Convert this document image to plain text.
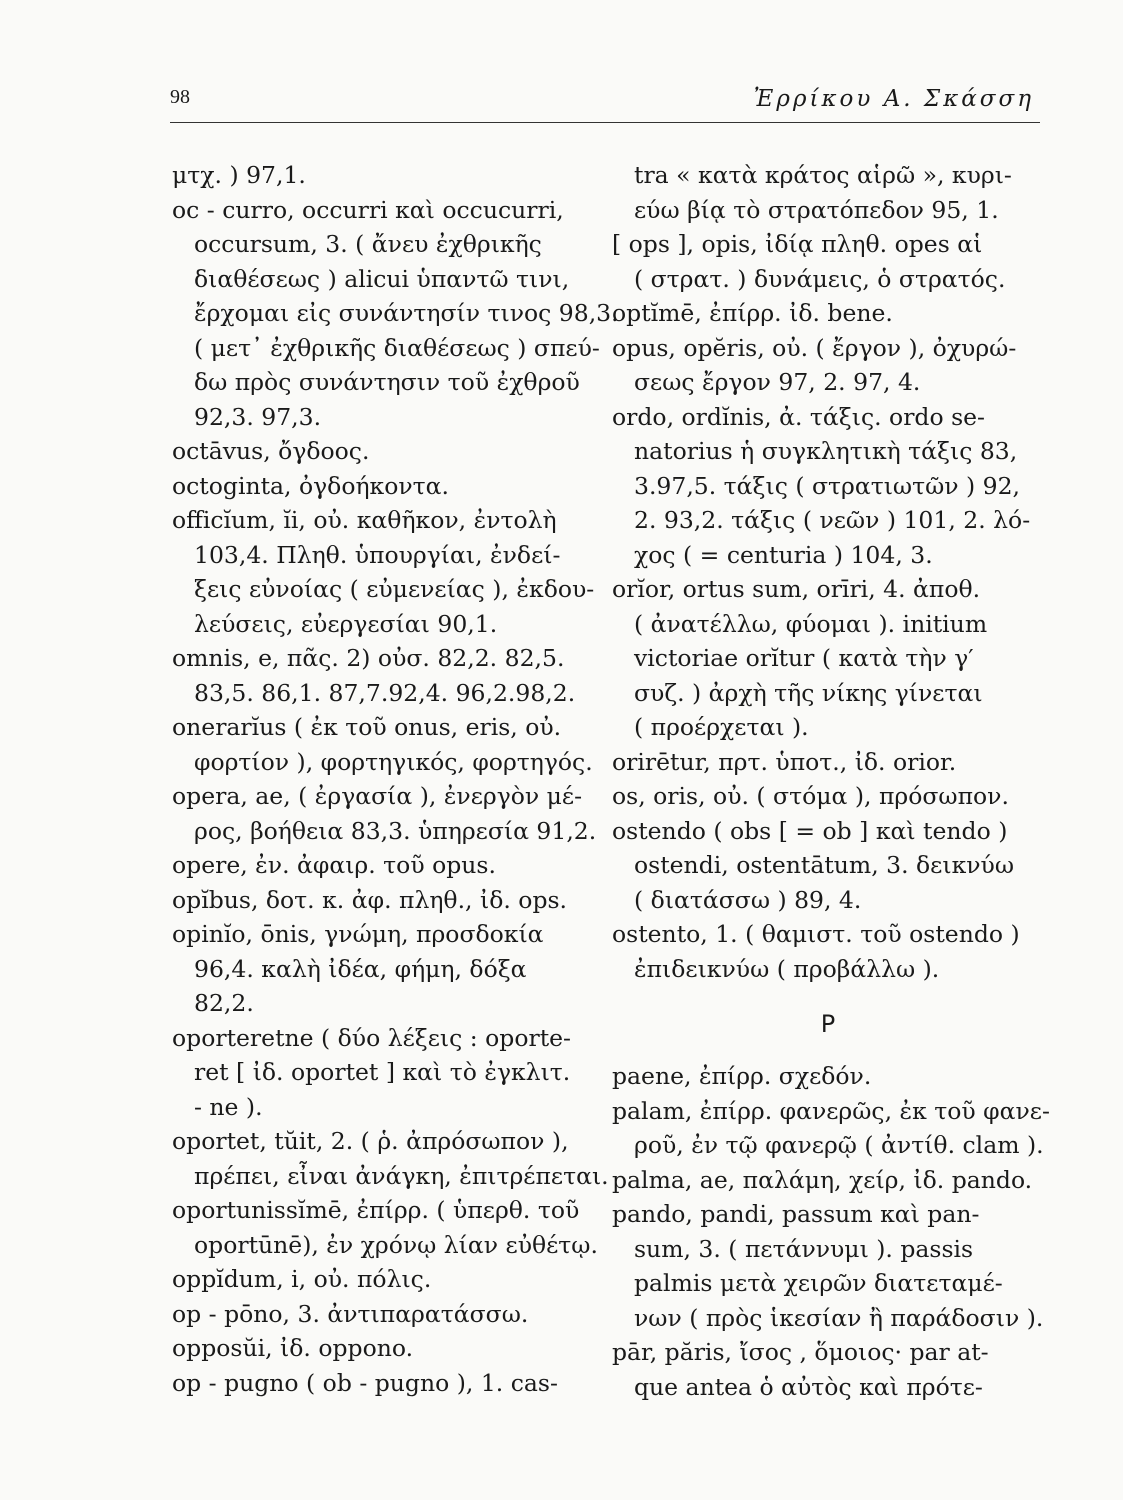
98	Ἐρρίκου Α. Σκάσση
μτχ. ) 97,1.
oc - curro, occurri καὶ occucurri,
occursum, 3. ( ἄνευ ἐχθρικῆς
διαθέσεως ) alicui ὑπαντῶ τινι,
ἔρχομαι εἰς συνάντησίν τινος 98,3.
( μετ᾿ ἐχθρικῆς διαθέσεως ) σπεύ-
δω πρὸς συνάντησιν τοῦ ἐχθροῦ
92,3. 97,3.
octāvus, ὄγδοος.
octoginta, ὀγδοήκοντα.
officĭum, ĭi, οὐ. καθῆκον, ἐντολὴ
103,4. Πληθ. ὑπουργίαι, ἐνδεί-
ξεις εὐνοίας ( εὐμενείας ), ἐκδου-
λεύσεις, εὐεργεσίαι 90,1.
omnis, e, πᾶς. 2) οὐσ. 82,2. 82,5.
83,5. 86,1. 87,7.92,4. 96,2.98,2.
onerarĭus ( ἐκ τοῦ onus, eris, οὐ.
φορτίον ), φορτηγικός, φορτηγός.
opera, ae, ( ἐργασία ), ἐνεργὸν μέ-
ρος, βοήθεια 83,3. ὑπηρεσία 91,2.
opere, ἐν. ἀφαιρ. τοῦ opus.
opĭbus, δοτ. κ. ἀφ. πληθ., ἰδ. ops.
opinĭo, ōnis, γνώμη, προσδοκία
96,4. καλὴ ἰδέα, φήμη, δόξα
82,2.
oporteretne ( δύο λέξεις : oporte-
ret [ ἰδ. oportet ] καὶ τὸ ἐγκλιτ.
- ne ).
oportet, tŭit, 2. ( ῥ. ἀπρόσωπον ),
πρέπει, εἶναι ἀνάγκη, ἐπιτρέπεται.
oportunissĭmē, ἐπίρρ. ( ὑπερθ. τοῦ
oportūnē), ἐν χρόνῳ λίαν εὐθέτῳ.
oppĭdum, i, οὐ. πόλις.
op - pōno, 3. ἀντιπαρατάσσω.
opposŭi, ἰδ. oppono.
op - pugno ( ob - pugno ), 1. cas-
tra « κατὰ κράτος αἱρῶ », κυρι-
εύω βίᾳ τὸ στρατόπεδον 95, 1.
[ ops ], opis, ἰδίᾳ πληθ. opes αἱ
( στρατ. ) δυνάμεις, ὁ στρατός.
optĭmē, ἐπίρρ. ἰδ. bene.
opus, opĕris, οὐ. ( ἔργον ), ὀχυρώ-
σεως ἔργον 97, 2. 97, 4.
ordo, ordĭnis, ἀ. τάξις. ordo se-
natorius ἡ συγκλητικὴ τάξις 83,
3.97,5. τάξις ( στρατιωτῶν ) 92,
2. 93,2. τάξις ( νεῶν ) 101, 2. λό-
χος ( = centuria ) 104, 3.
orĭor, ortus sum, orīri, 4. ἀποθ.
( ἀνατέλλω, φύομαι ). initium
victoriae orĭtur ( κατὰ τὴν γ′
συζ. ) ἀρχὴ τῆς νίκης γίνεται
( προέρχεται ).
orirētur, πρτ. ὑποτ., ἰδ. orior.
os, oris, οὐ. ( στόμα ), πρόσωπον.
ostendo ( obs [ = ob ] καὶ tendo )
ostendi, ostentātum, 3. δεικνύω
( διατάσσω ) 89, 4.
ostento, 1. ( θαμιστ. τοῦ ostendo )
ἐπιδεικνύω ( προβάλλω ).
P
paene, ἐπίρρ. σχεδόν.
palam, ἐπίρρ. φανερῶς, ἐκ τοῦ φανε-
ροῦ, ἐν τῷ φανερῷ ( ἀντίθ. clam ).
palma, ae, παλάμη, χείρ, ἰδ. pando.
pando, pandi, passum καὶ pan-
sum, 3. ( πετάννυμι ). passis
palmis μετὰ χειρῶν διατεταμέ-
νων ( πρὸς ἱκεσίαν ἢ παράδοσιν ).
pār, păris, ἴσος , ὅμοιος· par at-
que antea ὁ αὐτὸς καὶ πρότε-
